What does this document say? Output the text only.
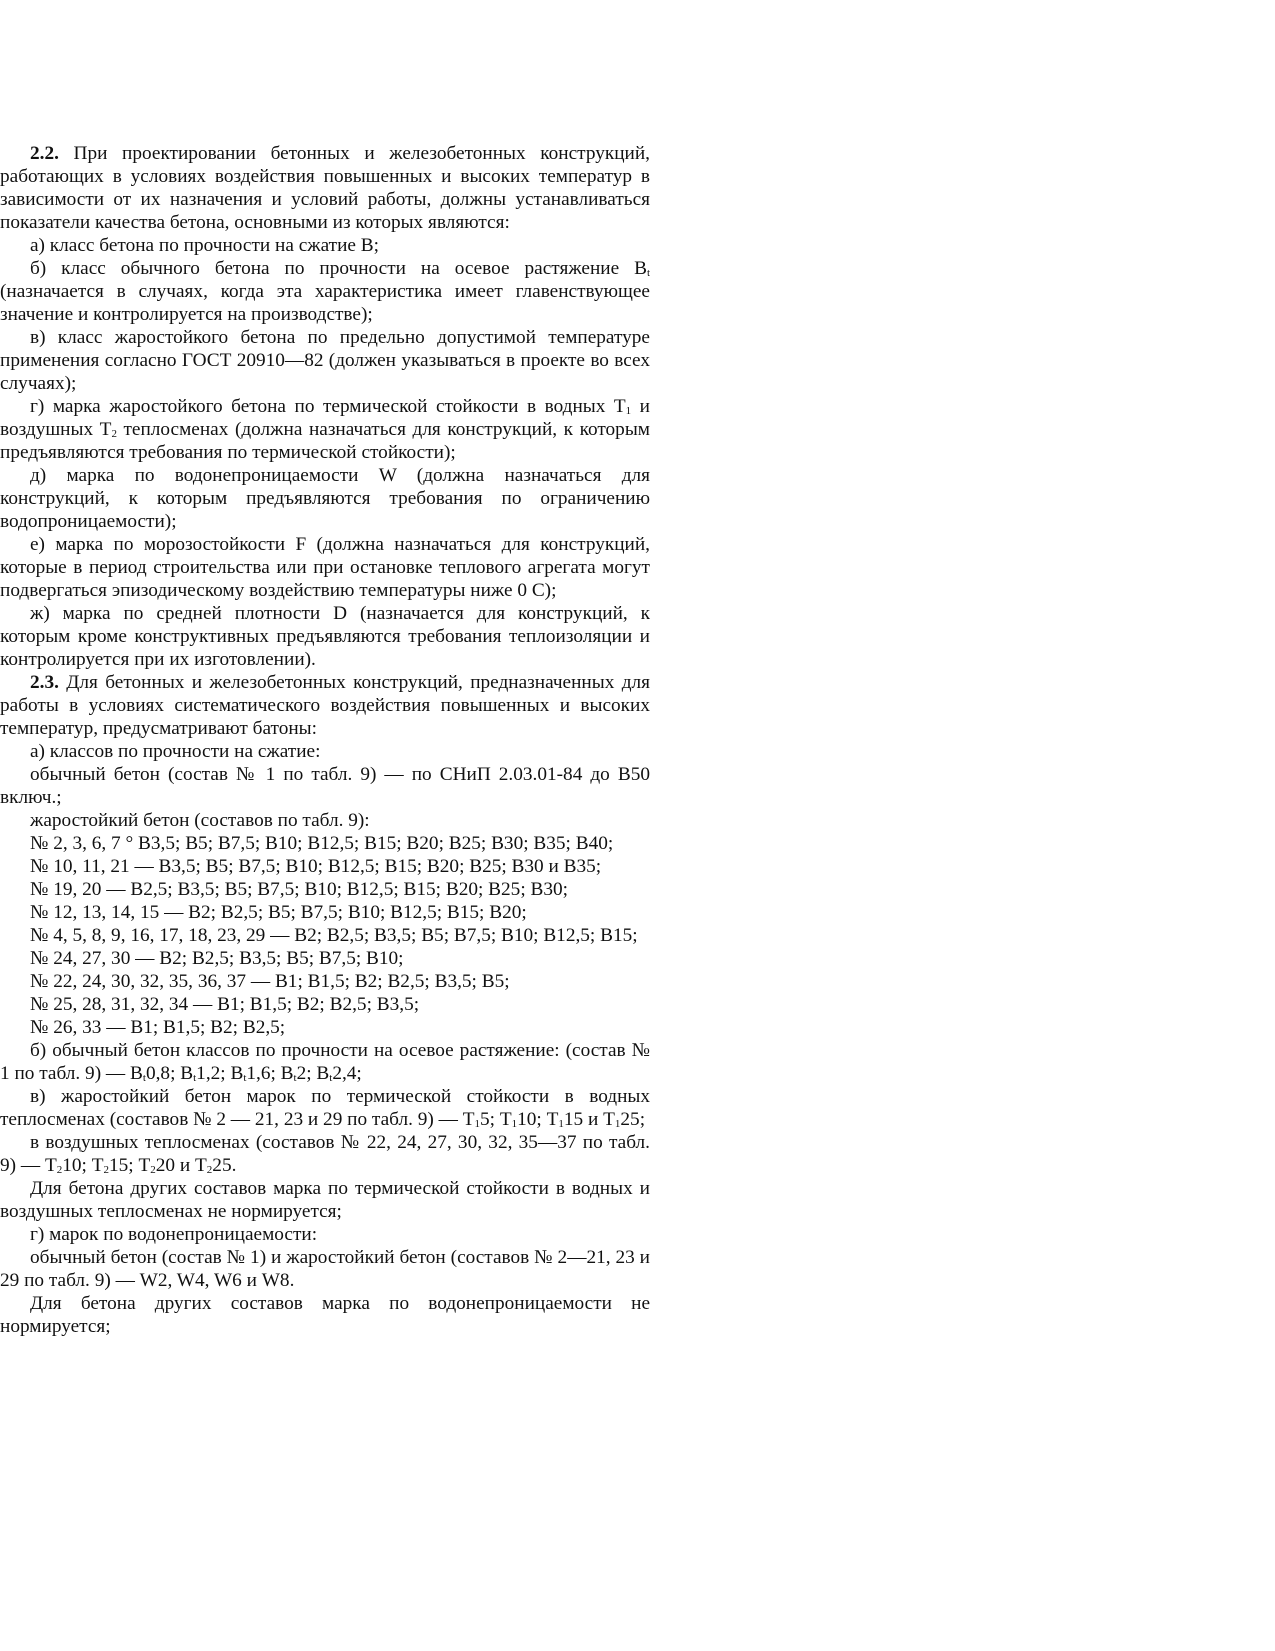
2.2. При проектировании бетонных и железобетонных конструкций, работающих в условиях воздействия повышенных и высоких температур в зависимости от их назначения и условий работы, должны устанавливаться показатели качества бетона, основными из которых являются:

а) класс бетона по прочности на сжатие В;

б) класс обычного бетона по прочности на осевое растяжение $В_t$ (назначается в случаях, когда эта характеристика имеет главенствующее значение и контролируется на производстве);

в) класс жаростойкого бетона по предельно допустимой температуре применения согласно ГОСТ 20910—82 (должен указываться в проекте во всех случаях);

г) марка жаростойкого бетона по термической стойкости в водных $Т_1$ и воздушных $Т_2$ теплосменах (должна назначаться для конструкций, к которым предъявляются требования по термической стойкости);

д) марка по водонепроницаемости W (должна назначаться для конструкций, к которым предъявляются требования по ограничению водопроницаемости);

е) марка по морозостойкости F (должна назначаться для конструкций, которые в период строительства или при остановке теплового агрегата могут подвергаться эпизодическому воздействию температуры ниже 0 С);

ж) марка по средней плотности D (назначается для конструкций, к которым кроме конструктивных предъявляются требования теплоизоляции и контролируется при их изготовлении).

2.3. Для бетонных и железобетонных конструкций, предназначенных для работы в условиях систематического воздействия повышенных и высоких температур, предусматривают батоны:

а) классов по прочности на сжатие:

обычный бетон (состав № 1 по табл. 9) — по СНиП 2.03.01-84 до В50 включ.;

жаростойкий бетон (составов по табл. 9):

№ 2, 3, 6, 7 ° В3,5; В5; В7,5; В10; В12,5; В15; В20; В25; В30; В35; В40;

№ 10, 11, 21 — В3,5; В5; В7,5; В10; В12,5; В15; В20; В25; В30 и В35;

№ 19, 20 — В2,5; В3,5; В5; В7,5; В10; В12,5; В15; В20; В25; В30;

№ 12, 13, 14, 15 — В2; В2,5; В5; В7,5; В10; В12,5; В15; В20;

№ 4, 5, 8, 9, 16, 17, 18, 23, 29 — В2; В2,5; В3,5; В5; В7,5; В10; В12,5; В15;

№ 24, 27, 30 — В2; В2,5; В3,5; В5; В7,5; В10;

№ 22, 24, 30, 32, 35, 36, 37 — В1; В1,5; В2; В2,5; В3,5; В5;

№ 25, 28, 31, 32, 34 — В1; В1,5; В2; В2,5; В3,5;

№ 26, 33 — В1; В1,5; В2; В2,5;

б) обычный бетон классов по прочности на осевое растяжение: (состав № 1 по табл. 9) — $В_t0,8$; $В_t1,2$; $В_t1,6$; $В_t2$; $В_t2,4$;

в) жаростойкий бетон марок по термической стойкости в водных теплосменах (составов № 2 — 21, 23 и 29 по табл. 9) — $Т_15$; $Т_110$; $Т_115$ и $Т_125$;

в воздушных теплосменах (составов № 22, 24, 27, 30, 32, 35—37 по табл. 9) — $Т_210$; $Т_215$; $Т_220$ и $Т_225$.

Для бетона других составов марка по термической стойкости в водных и воздушных теплосменах не нормируется;

г) марок по водонепроницаемости:

обычный бетон (состав № 1) и жаростойкий бетон (составов № 2—21, 23 и 29 по табл. 9) — W2, W4, W6 и W8.

Для бетона других составов марка по водонепроницаемости не нормируется;
